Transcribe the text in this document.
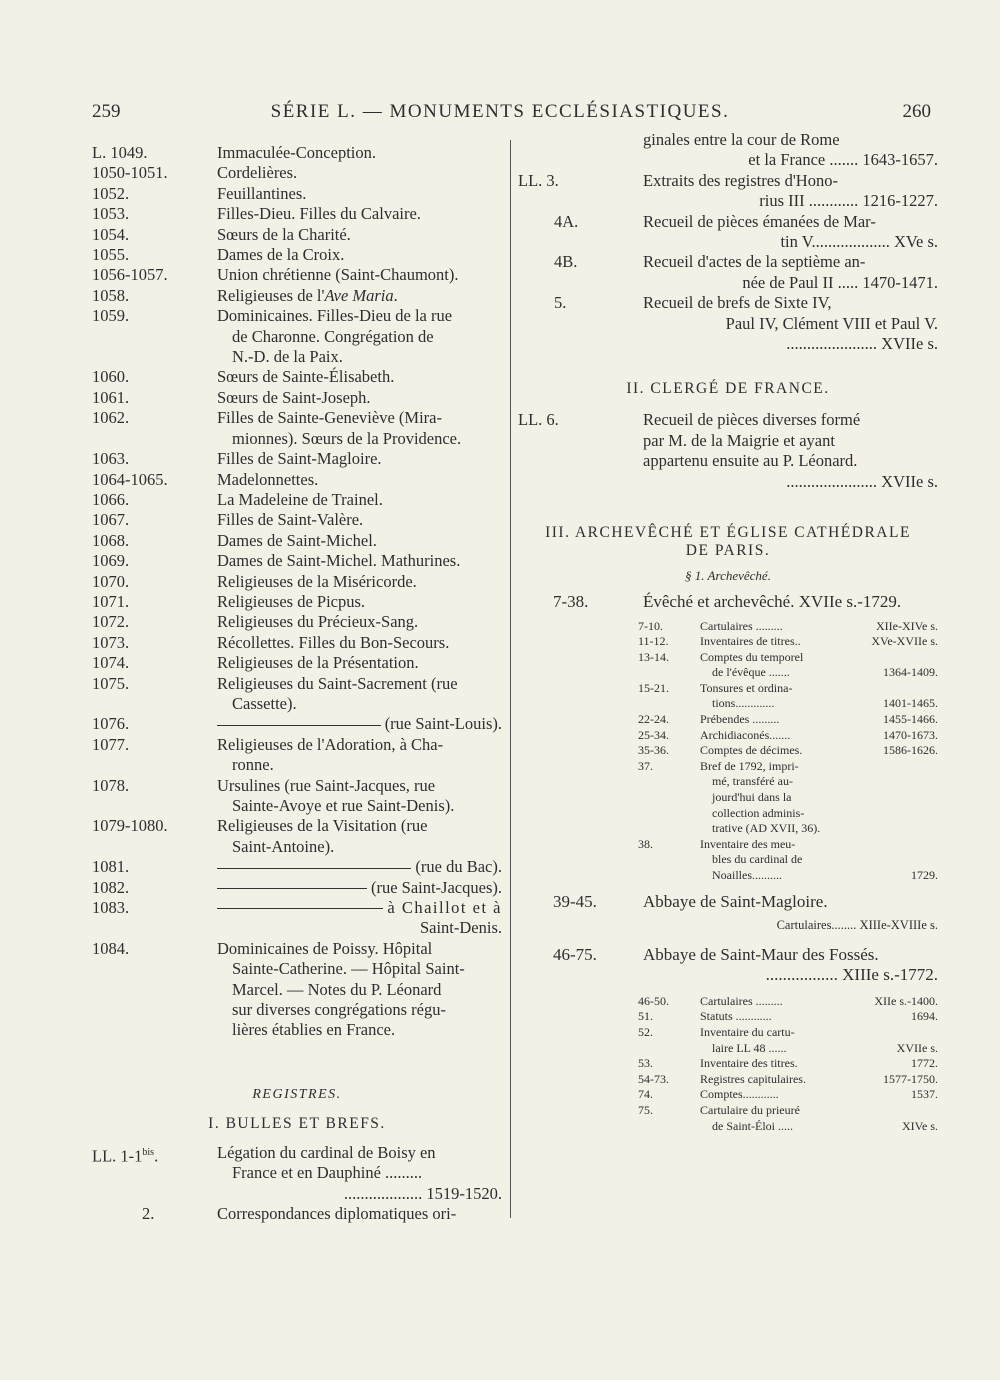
259	SÉRIE L. — MONUMENTS ECCLÉSIASTIQUES.	260
L. 1049.	Immaculée-Conception.
1050-1051.	Cordelières.
1052.	Feuillantines.
1053.	Filles-Dieu. Filles du Calvaire.
1054.	Sœurs de la Charité.
1055.	Dames de la Croix.
1056-1057.	Union chrétienne (Saint-Chaumont).
1058.	Religieuses de l'Ave Maria.
1059.	Dominicaines. Filles-Dieu de la rue
de Charonne. Congrégation de
N.-D. de la Paix.
1060.	Sœurs de Sainte-Élisabeth.
1061.	Sœurs de Saint-Joseph.
1062.	Filles de Sainte-Geneviève (Mira-
mionnes). Sœurs de la Providence.
1063.	Filles de Saint-Magloire.
1064-1065.	Madelonnettes.
1066.	La Madeleine de Trainel.
1067.	Filles de Saint-Valère.
1068.	Dames de Saint-Michel.
1069.	Dames de Saint-Michel. Mathurines.
1070.	Religieuses de la Miséricorde.
1071.	Religieuses de Picpus.
1072.	Religieuses du Précieux-Sang.
1073.	Récollettes. Filles du Bon-Secours.
1074.	Religieuses de la Présentation.
1075.	Religieuses du Saint-Sacrement (rue
Cassette).
1076.	(rue Saint-Louis).
1077.	Religieuses de l'Adoration, à Cha-
ronne.
1078.	Ursulines (rue Saint-Jacques, rue
Sainte-Avoye et rue Saint-Denis).
1079-1080.	Religieuses de la Visitation (rue
Saint-Antoine).
1081.	(rue du Bac).
1082.	(rue Saint-Jacques).
1083.	à Chaillot et à
Saint-Denis.
1084.	Dominicaines de Poissy. Hôpital
Sainte-Catherine. — Hôpital Saint-
Marcel. — Notes du P. Léonard
sur diverses congrégations régu-
lières établies en France.
REGISTRES.
I. BULLES ET BREFS.
LL. $1-1^{bis}$.	Légation du cardinal de Boisy en
France et en Dauphiné .........
................... 1519-1520.
2.	Correspondances diplomatiques ori-
ginales entre la cour de Rome
et la France ....... 1643-1657.
LL. 3.	Extraits des registres d'Hono-
rius III ............ 1216-1227.
4A.	Recueil de pièces émanées de Mar-
tin V................... XVe s.
4B.	Recueil d'actes de la septième an-
née de Paul II ..... 1470-1471.
5.	Recueil de brefs de Sixte IV,
Paul IV, Clément VIII et Paul V.
...................... XVIIe s.
II. CLERGÉ DE FRANCE.
LL. 6.	Recueil de pièces diverses formé
par M. de la Maigrie et ayant
appartenu ensuite au P. Léonard.
...................... XVIIe s.
III. ARCHEVÊCHÉ ET ÉGLISE CATHÉDRALE
DE PARIS.
§ 1. Archevêché.
7-38.	Évêché et archevêché. XVIIe s.-1729.
7-10.	Cartulaires .........	XIIe-XIVe s.
11-12.	Inventaires de titres..	XVe-XVIIe s.
13-14.	Comptes du temporel
de l'évêque .......	1364-1409.
15-21.	Tonsures et ordina-
tions.............	1401-1465.
22-24.	Prébendes .........	1455-1466.
25-34.	Archidiaconés.......	1470-1673.
35-36.	Comptes de décimes.	1586-1626.
37.	Bref de 1792, impri-
mé, transféré au-
jourd'hui dans la
collection adminis-
trative (AD XVII, 36).
38.	Inventaire des meu-
bles du cardinal de
Noailles..........	1729.
39-45.	Abbaye de Saint-Magloire.
Cartulaires........ XIIIe-XVIIIe s.
46-75.	Abbaye de Saint-Maur des Fossés.
................. XIIIe s.-1772.
46-50.	Cartulaires .........	XIIe s.-1400.
51.	Statuts ............	1694.
52.	Inventaire du cartu-
laire LL 48 ......	XVIIe s.
53.	Inventaire des titres.	1772.
54-73.	Registres capitulaires.	1577-1750.
74.	Comptes............	1537.
75.	Cartulaire du prieuré
de Saint-Éloi .....	XIVe s.
